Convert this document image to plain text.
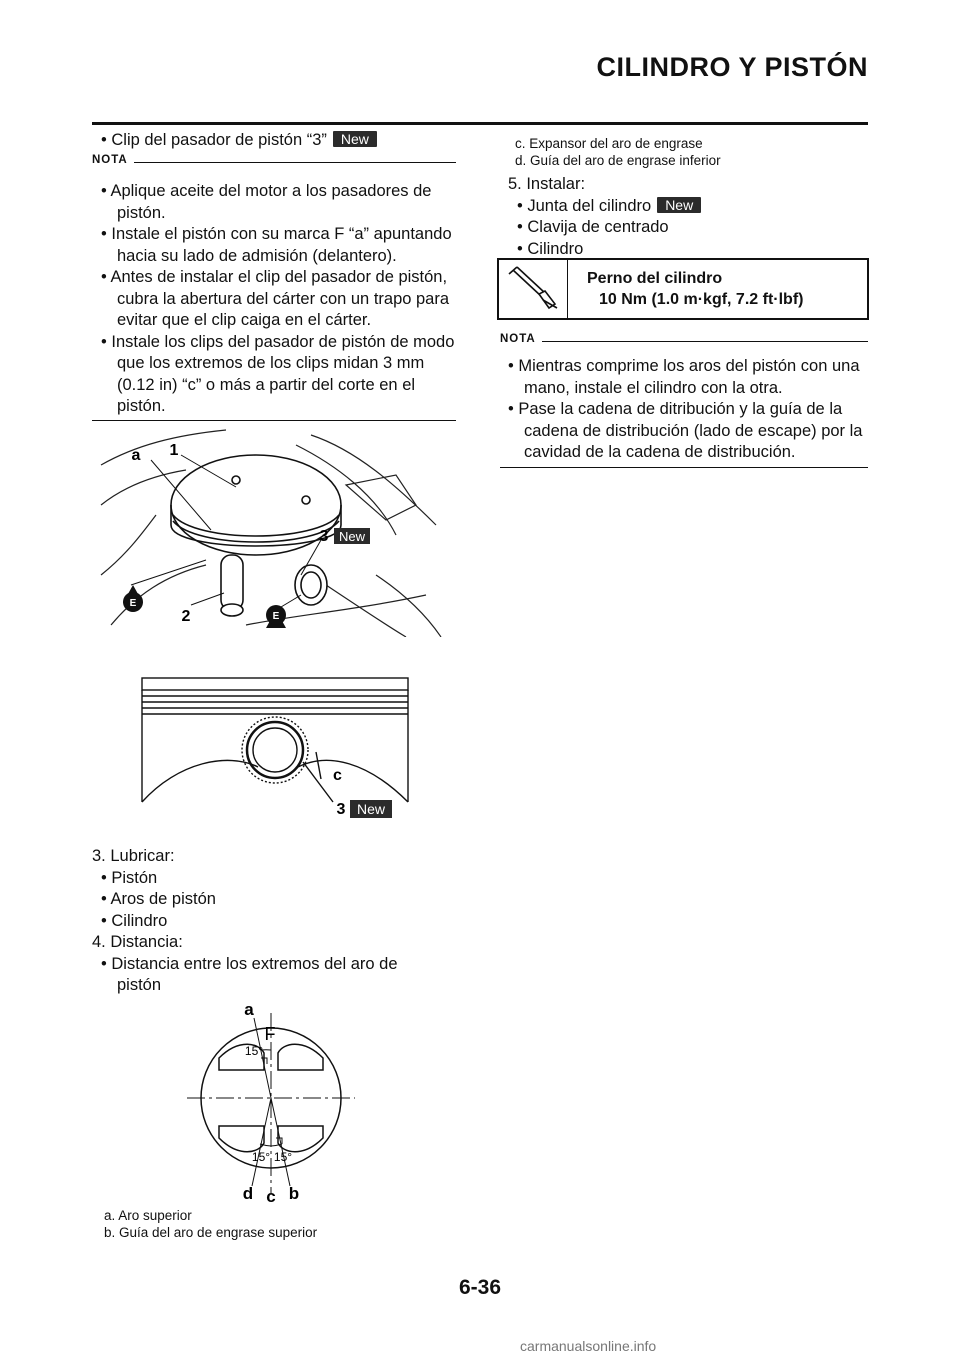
CILINDRO Y PISTÓN
• Clip del pasador de pistón “3” New
NOTA
• Aplique aceite del motor a los pasadores de pistón.
• Instale el pistón con su marca F “a” apuntando hacia su lado de admisión (delantero).
• Antes de instalar el clip del pasador de pistón, cubra la abertura del cárter con un trapo para evitar que el clip caiga en el cárter.
• Instale los clips del pasador de pistón de modo que los extremos de los clips midan 3 mm (0.12 in) “c” o más a partir del corte en el pistón.
E
E
a 1
3 New
2
c
3 New
3. Lubricar:
• Pistón
• Aros de pistón
• Cilindro
4. Distancia:
• Distancia entre los extremos del aro de pistón
a
F
15°
15° 15°
d c b
a. Aro superior
b. Guía del aro de engrase superior
c. Expansor del aro de engrase
d. Guía del aro de engrase inferior
5. Instalar:
• Junta del cilindro New
• Clavija de centrado
• Cilindro
Perno del cilindro
10 Nm (1.0 m·kgf, 7.2 ft·lbf)
NOTA
• Mientras comprime los aros del pistón con una mano, instale el cilindro con la otra.
• Pase la cadena de ditribución y la guía de la cadena de distribución (lado de escape) por la cavidad de la cadena de distribución.
6-36
carmanualsonline.info
